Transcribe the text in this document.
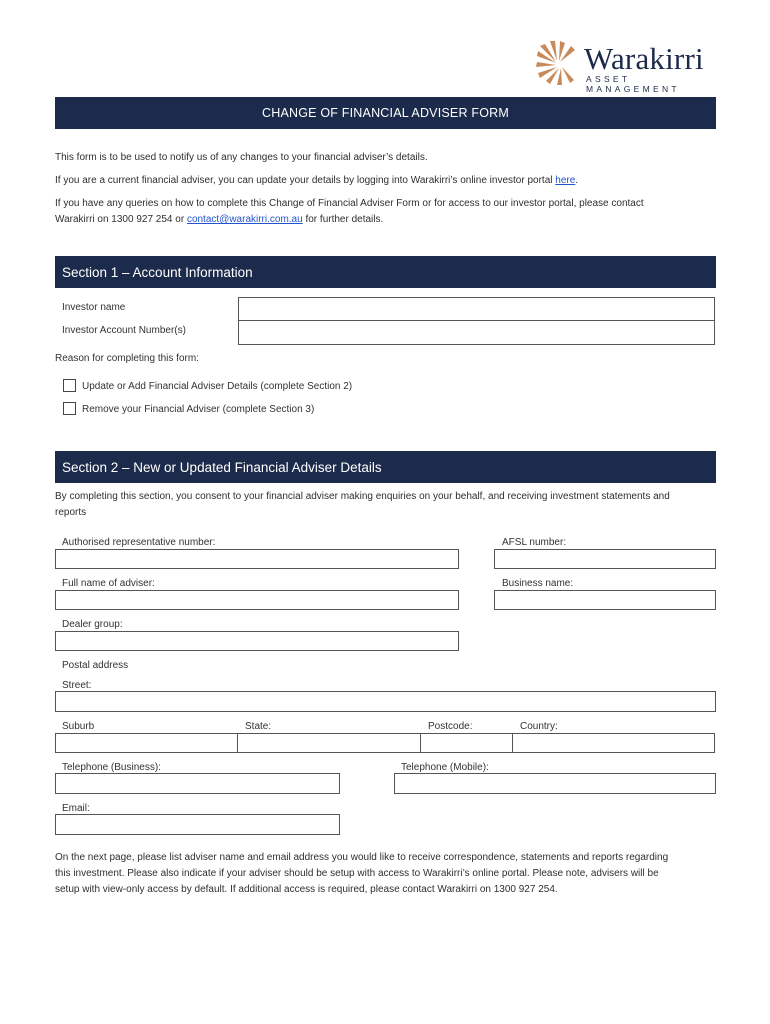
Warakirri
ASSET MANAGEMENT
CHANGE OF FINANCIAL ADVISER FORM
This form is to be used to notify us of any changes to your financial adviser’s details.
If you are a current financial adviser, you can update your details by logging into Warakirri’s online investor portal here.
If you have any queries on how to complete this Change of Financial Adviser Form or for access to our investor portal, please contact
Warakirri on 1300 927 254 or contact@warakirri.com.au for further details.
Section 1 – Account Information
Investor name
Investor Account Number(s)
Reason for completing this form:
Update or Add Financial Adviser Details (complete Section 2)
Remove your Financial Adviser (complete Section 3)
Section 2 – New or Updated Financial Adviser Details
By completing this section, you consent to your financial adviser making enquiries on your behalf, and receiving investment statements and
reports
Authorised representative number:	AFSL number:
Full name of adviser:	Business name:
Dealer group:
Postal address
Street:
Suburb	State:	Postcode:	Country:
Telephone (Business):	Telephone (Mobile):
Email:
On the next page, please list adviser name and email address you would like to receive correspondence, statements and reports regarding
this investment. Please also indicate if your adviser should be setup with access to Warakirri’s online portal. Please note, advisers will be
setup with view-only access by default. If additional access is required, please contact Warakirri on 1300 927 254.
